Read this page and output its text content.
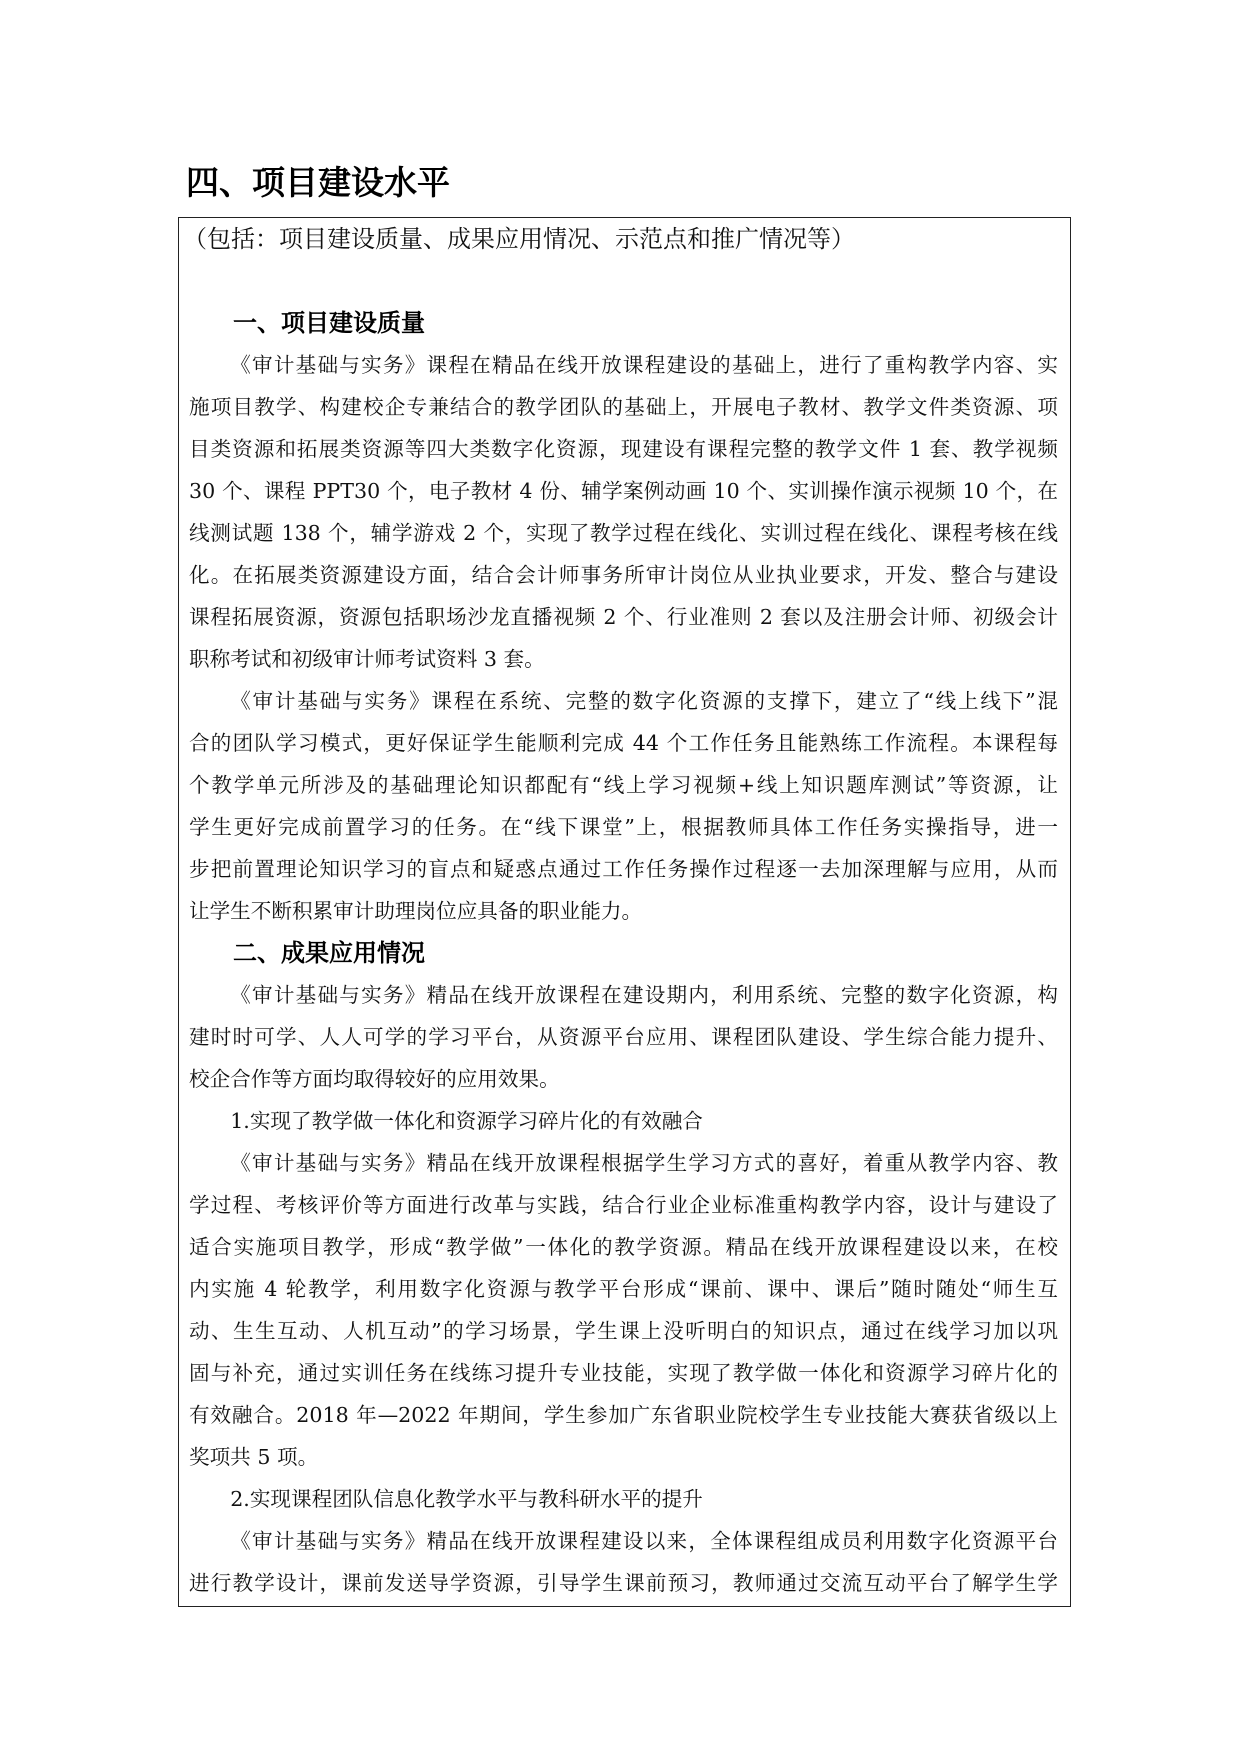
四、项目建设水平
（包括：项目建设质量、成果应用情况、示范点和推广情况等）
一、项目建设质量
《审计基础与实务》课程在精品在线开放课程建设的基础上，进行了重构教学内容、实
施项目教学、构建校企专兼结合的教学团队的基础上，开展电子教材、教学文件类资源、项
目类资源和拓展类资源等四大类数字化资源，现建设有课程完整的教学文件 1 套、教学视频
30 个、课程 PPT30 个，电子教材 4 份、辅学案例动画 10 个、实训操作演示视频 10 个，在
线测试题 138 个，辅学游戏 2 个，实现了教学过程在线化、实训过程在线化、课程考核在线
化。在拓展类资源建设方面，结合会计师事务所审计岗位从业执业要求，开发、整合与建设
课程拓展资源，资源包括职场沙龙直播视频 2 个、行业准则 2 套以及注册会计师、初级会计
职称考试和初级审计师考试资料 3 套。
《审计基础与实务》课程在系统、完整的数字化资源的支撑下，建立了“线上线下”混
合的团队学习模式，更好保证学生能顺利完成 44 个工作任务且能熟练工作流程。本课程每
个教学单元所涉及的基础理论知识都配有“线上学习视频+线上知识题库测试”等资源，让
学生更好完成前置学习的任务。在“线下课堂”上，根据教师具体工作任务实操指导，进一
步把前置理论知识学习的盲点和疑惑点通过工作任务操作过程逐一去加深理解与应用，从而
让学生不断积累审计助理岗位应具备的职业能力。
二、成果应用情况
《审计基础与实务》精品在线开放课程在建设期内，利用系统、完整的数字化资源，构
建时时可学、人人可学的学习平台，从资源平台应用、课程团队建设、学生综合能力提升、
校企合作等方面均取得较好的应用效果。
1.实现了教学做一体化和资源学习碎片化的有效融合
《审计基础与实务》精品在线开放课程根据学生学习方式的喜好，着重从教学内容、教
学过程、考核评价等方面进行改革与实践，结合行业企业标准重构教学内容，设计与建设了
适合实施项目教学，形成“教学做”一体化的教学资源。精品在线开放课程建设以来，在校
内实施 4 轮教学，利用数字化资源与教学平台形成“课前、课中、课后”随时随处“师生互
动、生生互动、人机互动”的学习场景，学生课上没听明白的知识点，通过在线学习加以巩
固与补充，通过实训任务在线练习提升专业技能，实现了教学做一体化和资源学习碎片化的
有效融合。2018 年—2022 年期间，学生参加广东省职业院校学生专业技能大赛获省级以上
奖项共 5 项。
2.实现课程团队信息化教学水平与教科研水平的提升
《审计基础与实务》精品在线开放课程建设以来，全体课程组成员利用数字化资源平台
进行教学设计，课前发送导学资源，引导学生课前预习，教师通过交流互动平台了解学生学
